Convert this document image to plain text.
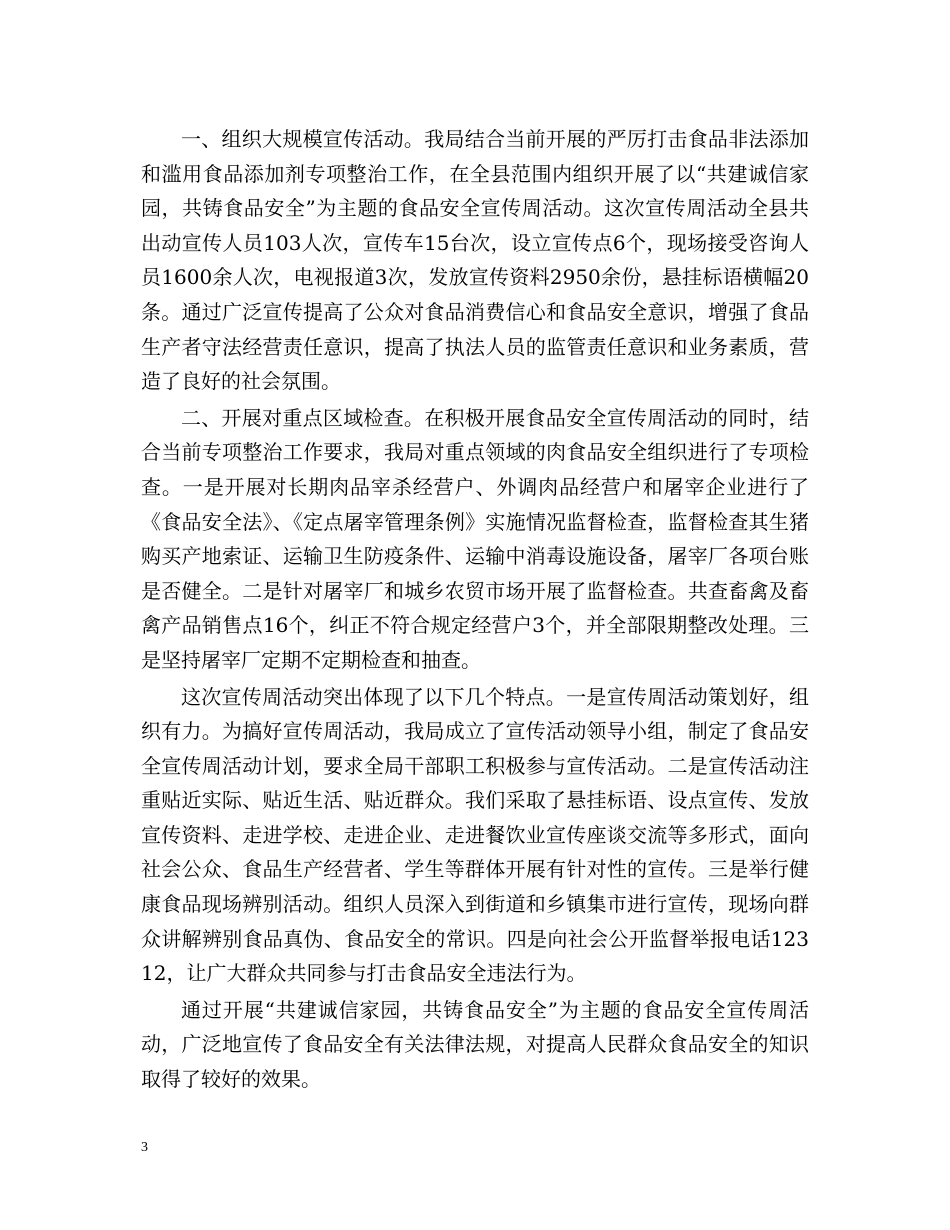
一、组织大规模宣传活动。我局结合当前开展的严厉打击食品非法添加和滥用食品添加剂专项整治工作，在全县范围内组织开展了以“共建诚信家园，共铸食品安全”为主题的食品安全宣传周活动。这次宣传周活动全县共出动宣传人员103人次，宣传车15台次，设立宣传点6个，现场接受咨询人员1600余人次，电视报道3次，发放宣传资料2950余份，悬挂标语横幅20条。通过广泛宣传提高了公众对食品消费信心和食品安全意识，增强了食品生产者守法经营责任意识，提高了执法人员的监管责任意识和业务素质，营造了良好的社会氛围。

二、开展对重点区域检查。在积极开展食品安全宣传周活动的同时，结合当前专项整治工作要求，我局对重点领域的肉食品安全组织进行了专项检查。一是开展对长期肉品宰杀经营户、外调肉品经营户和屠宰企业进行了《食品安全法》、《定点屠宰管理条例》实施情况监督检查，监督检查其生猪购买产地索证、运输卫生防疫条件、运输中消毒设施设备，屠宰厂各项台账是否健全。二是针对屠宰厂和城乡农贸市场开展了监督检查。共查畜禽及畜禽产品销售点16个，纠正不符合规定经营户3个，并全部限期整改处理。三是坚持屠宰厂定期不定期检查和抽查。

这次宣传周活动突出体现了以下几个特点。一是宣传周活动策划好，组织有力。为搞好宣传周活动，我局成立了宣传活动领导小组，制定了食品安全宣传周活动计划，要求全局干部职工积极参与宣传活动。二是宣传活动注重贴近实际、贴近生活、贴近群众。我们采取了悬挂标语、设点宣传、发放宣传资料、走进学校、走进企业、走进餐饮业宣传座谈交流等多形式，面向社会公众、食品生产经营者、学生等群体开展有针对性的宣传。三是举行健康食品现场辨别活动。组织人员深入到街道和乡镇集市进行宣传，现场向群众讲解辨别食品真伪、食品安全的常识。四是向社会公开监督举报电话12312，让广大群众共同参与打击食品安全违法行为。

通过开展“共建诚信家园，共铸食品安全”为主题的食品安全宣传周活动，广泛地宣传了食品安全有关法律法规，对提高人民群众食品安全的知识取得了较好的效果。

3
